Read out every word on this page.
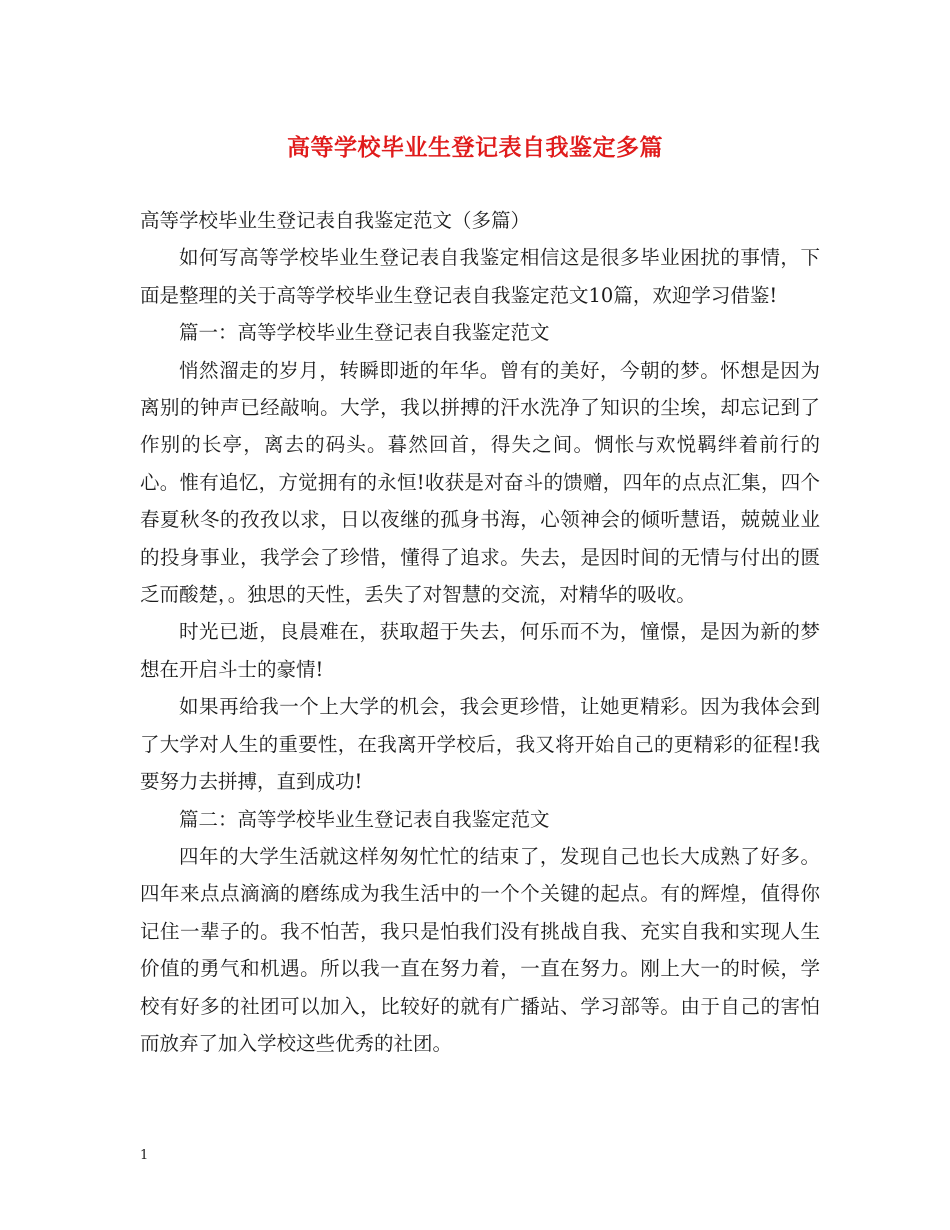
高等学校毕业生登记表自我鉴定多篇

高等学校毕业生登记表自我鉴定范文（多篇）

如何写高等学校毕业生登记表自我鉴定相信这是很多毕业困扰的事情，下面是整理的关于高等学校毕业生登记表自我鉴定范文10篇，欢迎学习借鉴!

篇一：高等学校毕业生登记表自我鉴定范文

悄然溜走的岁月，转瞬即逝的年华。曾有的美好，今朝的梦。怀想是因为离别的钟声已经敲响。大学，我以拼搏的汗水洗净了知识的尘埃，却忘记到了作别的长亭，离去的码头。暮然回首，得失之间。惆怅与欢悦羁绊着前行的心。惟有追忆，方觉拥有的永恒!收获是对奋斗的馈赠，四年的点点汇集，四个春夏秋冬的孜孜以求，日以夜继的孤身书海，心领神会的倾听慧语，兢兢业业的投身事业，我学会了珍惜，懂得了追求。失去，是因时间的无情与付出的匮乏而酸楚，。独思的天性，丢失了对智慧的交流，对精华的吸收。

时光已逝，良晨难在，获取超于失去，何乐而不为，憧憬，是因为新的梦想在开启斗士的豪情!

如果再给我一个上大学的机会，我会更珍惜，让她更精彩。因为我体会到了大学对人生的重要性，在我离开学校后，我又将开始自己的更精彩的征程!我要努力去拼搏，直到成功!

篇二：高等学校毕业生登记表自我鉴定范文

四年的大学生活就这样匆匆忙忙的结束了，发现自己也长大成熟了好多。四年来点点滴滴的磨练成为我生活中的一个个关键的起点。有的辉煌，值得你记住一辈子的。我不怕苦，我只是怕我们没有挑战自我、充实自我和实现人生价值的勇气和机遇。所以我一直在努力着，一直在努力。刚上大一的时候，学校有好多的社团可以加入，比较好的就有广播站、学习部等。由于自己的害怕而放弃了加入学校这些优秀的社团。

1
